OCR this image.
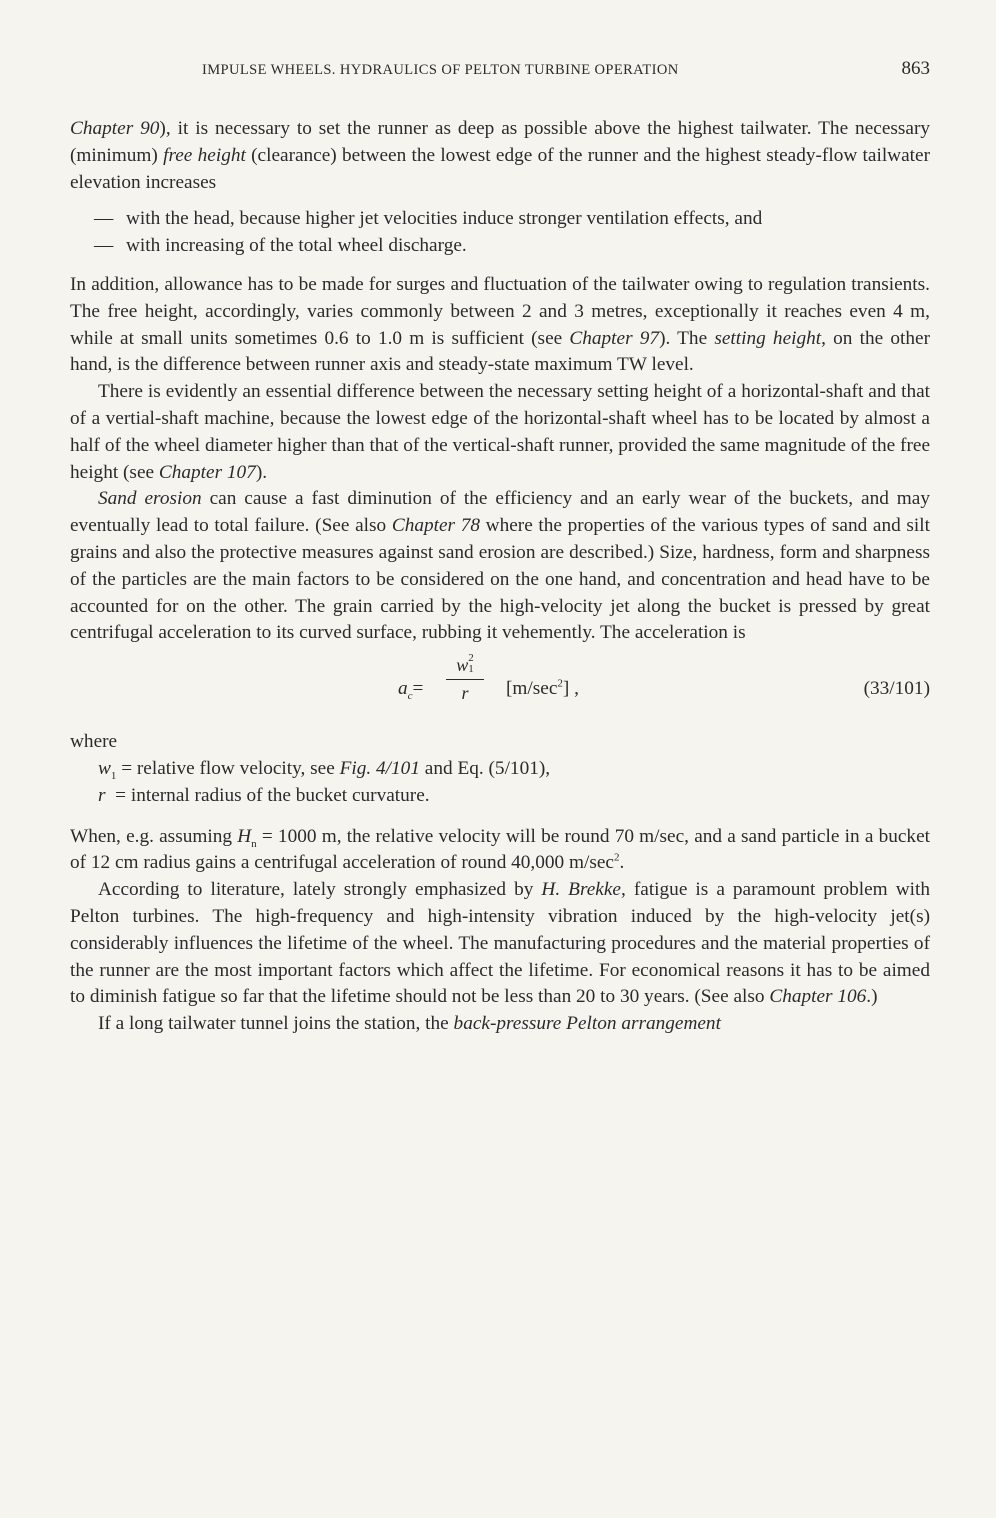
IMPULSE WHEELS. HYDRAULICS OF PELTON TURBINE OPERATION	863

Chapter 90), it is necessary to set the runner as deep as possible above the highest tailwater. The necessary (minimum) free height (clearance) between the lowest edge of the runner and the highest steady-flow tailwater elevation increases

— with the head, because higher jet velocities induce stronger ventilation effects, and
— with increasing of the total wheel discharge.

In addition, allowance has to be made for surges and fluctuation of the tailwater owing to regulation transients. The free height, accordingly, varies commonly between 2 and 3 metres, exceptionally it reaches even 4 m, while at small units sometimes 0.6 to 1.0 m is sufficient (see Chapter 97). The setting height, on the other hand, is the difference between runner axis and steady-state maximum TW level.

There is evidently an essential difference between the necessary setting height of a horizontal-shaft and that of a vertial-shaft machine, because the lowest edge of the horizontal-shaft wheel has to be located by almost a half of the wheel diameter higher than that of the vertical-shaft runner, provided the same magnitude of the free height (see Chapter 107).

Sand erosion can cause a fast diminution of the efficiency and an early wear of the buckets, and may eventually lead to total failure. (See also Chapter 78 where the properties of the various types of sand and silt grains and also the protective measures against sand erosion are described.) Size, hardness, form and sharpness of the particles are the main factors to be considered on the one hand, and concentration and head have to be accounted for on the other. The grain carried by the high-velocity jet along the bucket is pressed by great centrifugal acceleration to its curved surface, rubbing it vehemently. The acceleration is

$a_c=$
w 2
1
r	$[m/\sec^2]$ ,	(33/101)

where

$w_1$ = relative flow velocity, see Fig. 4/101 and Eq. (5/101),
r  = internal radius of the bucket curvature.

When, e.g. assuming $H_n = 1000$ m, the relative velocity will be round 70 m/sec, and a sand particle in a bucket of 12 cm radius gains a centrifugal acceleration of round 40,000 $m/\sec^2$.

According to literature, lately strongly emphasized by H. Brekke, fatigue is a paramount problem with Pelton turbines. The high-frequency and high-intensity vibration induced by the high-velocity jet(s) considerably influences the lifetime of the wheel. The manufacturing procedures and the material properties of the runner are the most important factors which affect the lifetime. For economical reasons it has to be aimed to diminish fatigue so far that the lifetime should not be less than 20 to 30 years. (See also Chapter 106.)

If a long tailwater tunnel joins the station, the back-pressure Pelton arrangement
